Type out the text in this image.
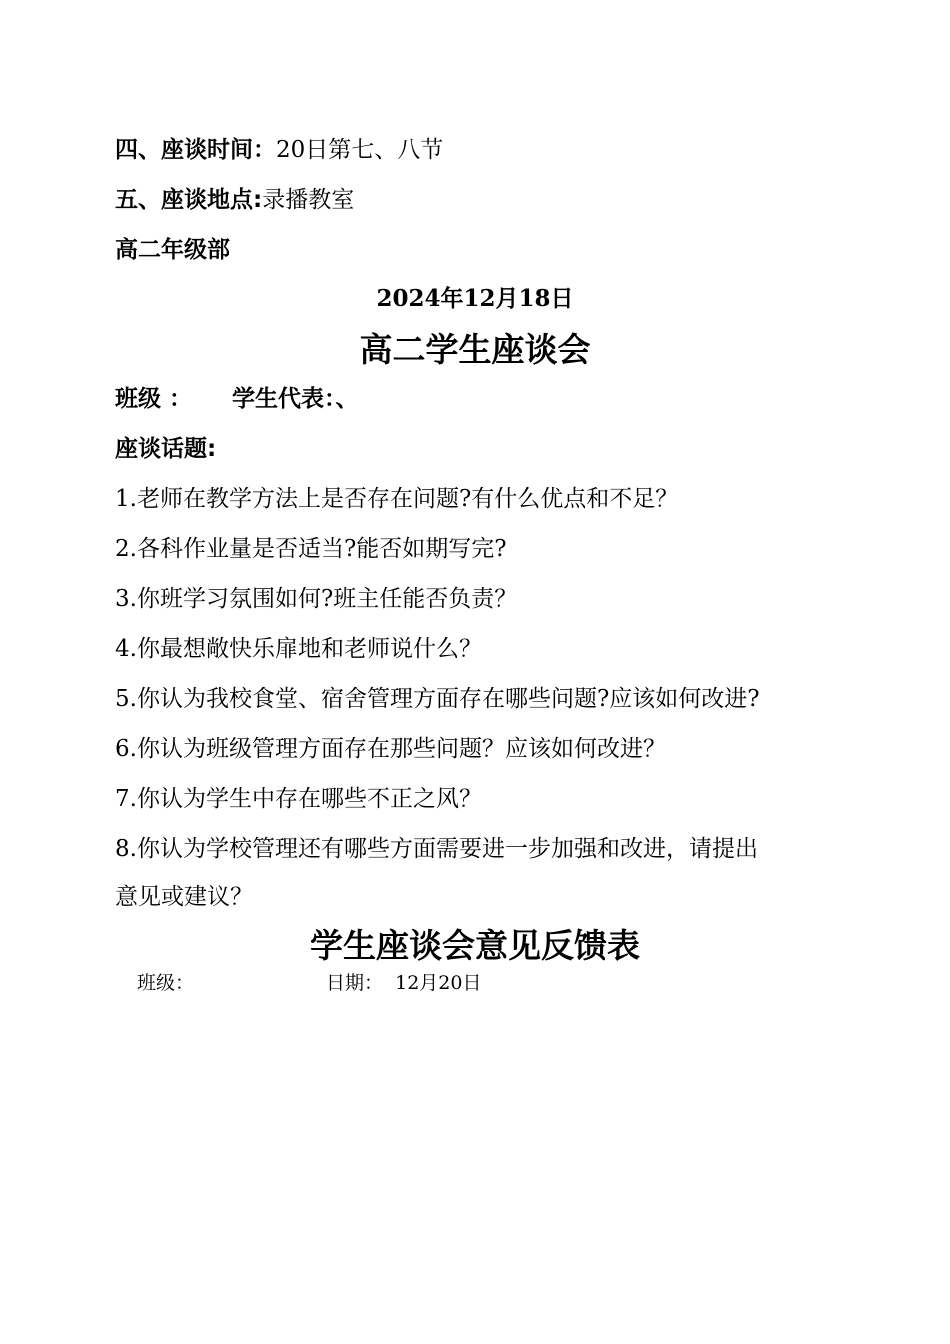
四、座谈时间：20日第七、八节
五、座谈地点:录播教室
高二年级部
2024年12月18日
高二学生座谈会
班级 ： 学生代表：、
座谈话题:
1.老师在教学方法上是否存在问题?有什么优点和不足？
2.各科作业量是否适当?能否如期写完?
3.你班学习氛围如何?班主任能否负责？
4.你最想敞快乐扉地和老师说什么？
5.你认为我校食堂、宿舍管理方面存在哪些问题?应该如何改进?
6.你认为班级管理方面存在那些问题？应该如何改进？
7.你认为学生中存在哪些不正之风？
8.你认为学校管理还有哪些方面需要进一步加强和改进，请提出
意见或建议？
学生座谈会意见反馈表
班级：	日期： 12月20日
